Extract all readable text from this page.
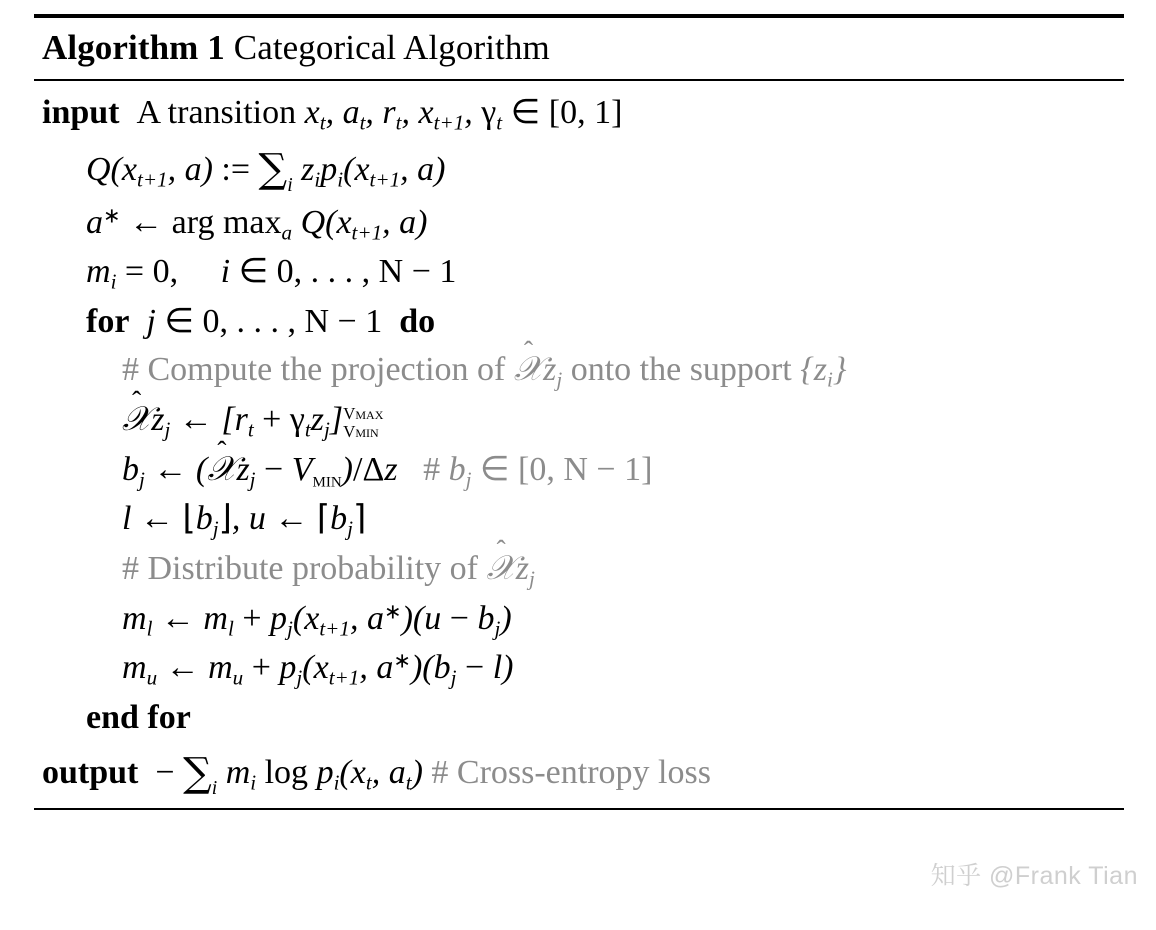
Algorithm 1 Categorical Algorithm
input  A transition $x_t$, $a_t$, $r_t$, $x_{t+1}$, $\gamma_t$ ∈ [0, 1]
$Q(x_{t+1}$, a) := $\sum_i$ $z_ip_i(x_{t+1}$, a)
a∗ ← arg $\max_a Q(x_{t+1}$, a)
$m_i = 0$,     i ∈ 0, . . . , N − 1
for  j ∈ 0, . . . , N − 1 do
# Compute the projection of
𝒳z$_j$ onto the support $\{z_i\}$
𝒳z$_j$ ← $[r_t + \gamma_tz_j]$ Vmax
Vmin
$b_j$ ← (
𝒳z$_j$ − Vmin)/Δz   # $b_j$ ∈ [0, N − 1]
l ← $⌊b_j⌋$, u ← $⌈b_j⌉$
# Distribute probability of
𝒳z$_j$
$m_l$ ← $m_l + p_j(x_{t+1}$, $a^∗)(u - b_j)$
$m_u$ ← $m_u + p_j(x_{t+1}$, $a^∗)(b_j - l)$
end for
output − $\sum_i$ $m_i$ $\log p_i(x_t$, $a_t$) # Cross-entropy loss
知乎 @Frank Tian
